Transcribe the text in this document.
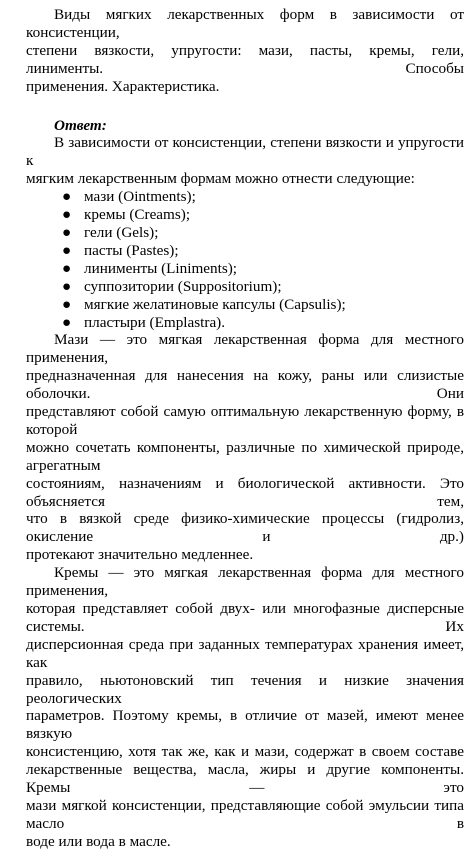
Виды мягких лекарственных форм в зависимости от консистенции,
степени вязкости, упругости: мази, пасты, кремы, гели, линименты. Способы
применения. Характеристика.
Ответ:
В зависимости от консистенции, степени вязкости и упругости к
мягким лекарственным формам можно отнести следующие:
● мази (Ointments);
● кремы (Creams);
● гели (Gels);
● пасты (Pastes);
● линименты (Liniments);
● суппозитории (Suppositorium);
● мягкие желатиновые капсулы (Capsulis);
● пластыри (Emplastra).
Мази — это мягкая лекарственная форма для местного применения,
предназначенная для нанесения на кожу, раны или слизистые оболочки. Они
представляют собой самую оптимальную лекарственную форму, в которой
можно сочетать компоненты, различные по химической природе, агрегатным
состояниям, назначениям и биологической активности. Это объясняется тем,
что в вязкой среде физико-химические процессы (гидролиз, окисление и др.)
протекают значительно медленнее.
Кремы — это мягкая лекарственная форма для местного применения,
которая представляет собой двух- или многофазные дисперсные системы. Их
дисперсионная среда при заданных температурах хранения имеет, как
правило, ньютоновский тип течения и низкие значения реологических
параметров. Поэтому кремы, в отличие от мазей, имеют менее вязкую
консистенцию, хотя так же, как и мази, содержат в своем составе
лекарственные вещества, масла, жиры и другие компоненты. Кремы — это
мази мягкой консистенции, представляющие собой эмульсии типа масло в
воде или вода в масле.
